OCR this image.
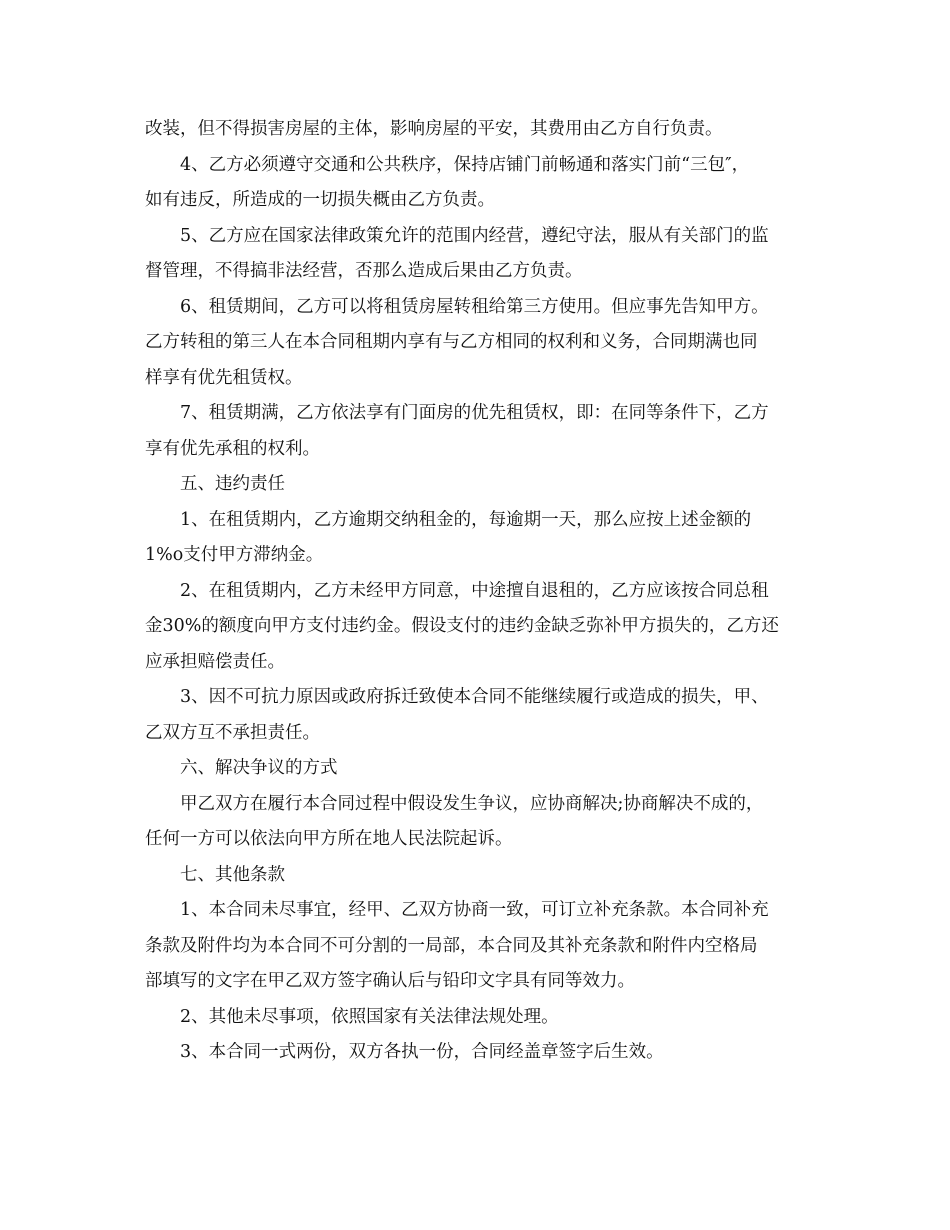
改装，但不得损害房屋的主体，影响房屋的平安，其费用由乙方自行负责。
4、乙方必须遵守交通和公共秩序，保持店铺门前畅通和落实门前“三包″，
如有违反，所造成的一切损失概由乙方负责。
5、乙方应在国家法律政策允许的范围内经营，遵纪守法，服从有关部门的监
督管理，不得搞非法经营，否那么造成后果由乙方负责。
6、租赁期间，乙方可以将租赁房屋转租给第三方使用。但应事先告知甲方。
乙方转租的第三人在本合同租期内享有与乙方相同的权利和义务，合同期满也同
样享有优先租赁权。
7、租赁期满，乙方依法享有门面房的优先租赁权，即：在同等条件下，乙方
享有优先承租的权利。
五、违约责任
1、在租赁期内，乙方逾期交纳租金的，每逾期一天，那么应按上述金额的
1%o支付甲方滞纳金。
2、在租赁期内，乙方未经甲方同意，中途擅自退租的，乙方应该按合同总租
金30%的额度向甲方支付违约金。假设支付的违约金缺乏弥补甲方损失的，乙方还
应承担赔偿责任。
3、因不可抗力原因或政府拆迁致使本合同不能继续履行或造成的损失，甲、
乙双方互不承担责任。
六、解决争议的方式
甲乙双方在履行本合同过程中假设发生争议，应协商解决;协商解决不成的，
任何一方可以依法向甲方所在地人民法院起诉。
七、其他条款
1、本合同未尽事宜，经甲、乙双方协商一致，可订立补充条款。本合同补充
条款及附件均为本合同不可分割的一局部，本合同及其补充条款和附件内空格局
部填写的文字在甲乙双方签字确认后与铅印文字具有同等效力。
2、其他未尽事项，依照国家有关法律法规处理。
3、本合同一式两份，双方各执一份，合同经盖章签字后生效。
